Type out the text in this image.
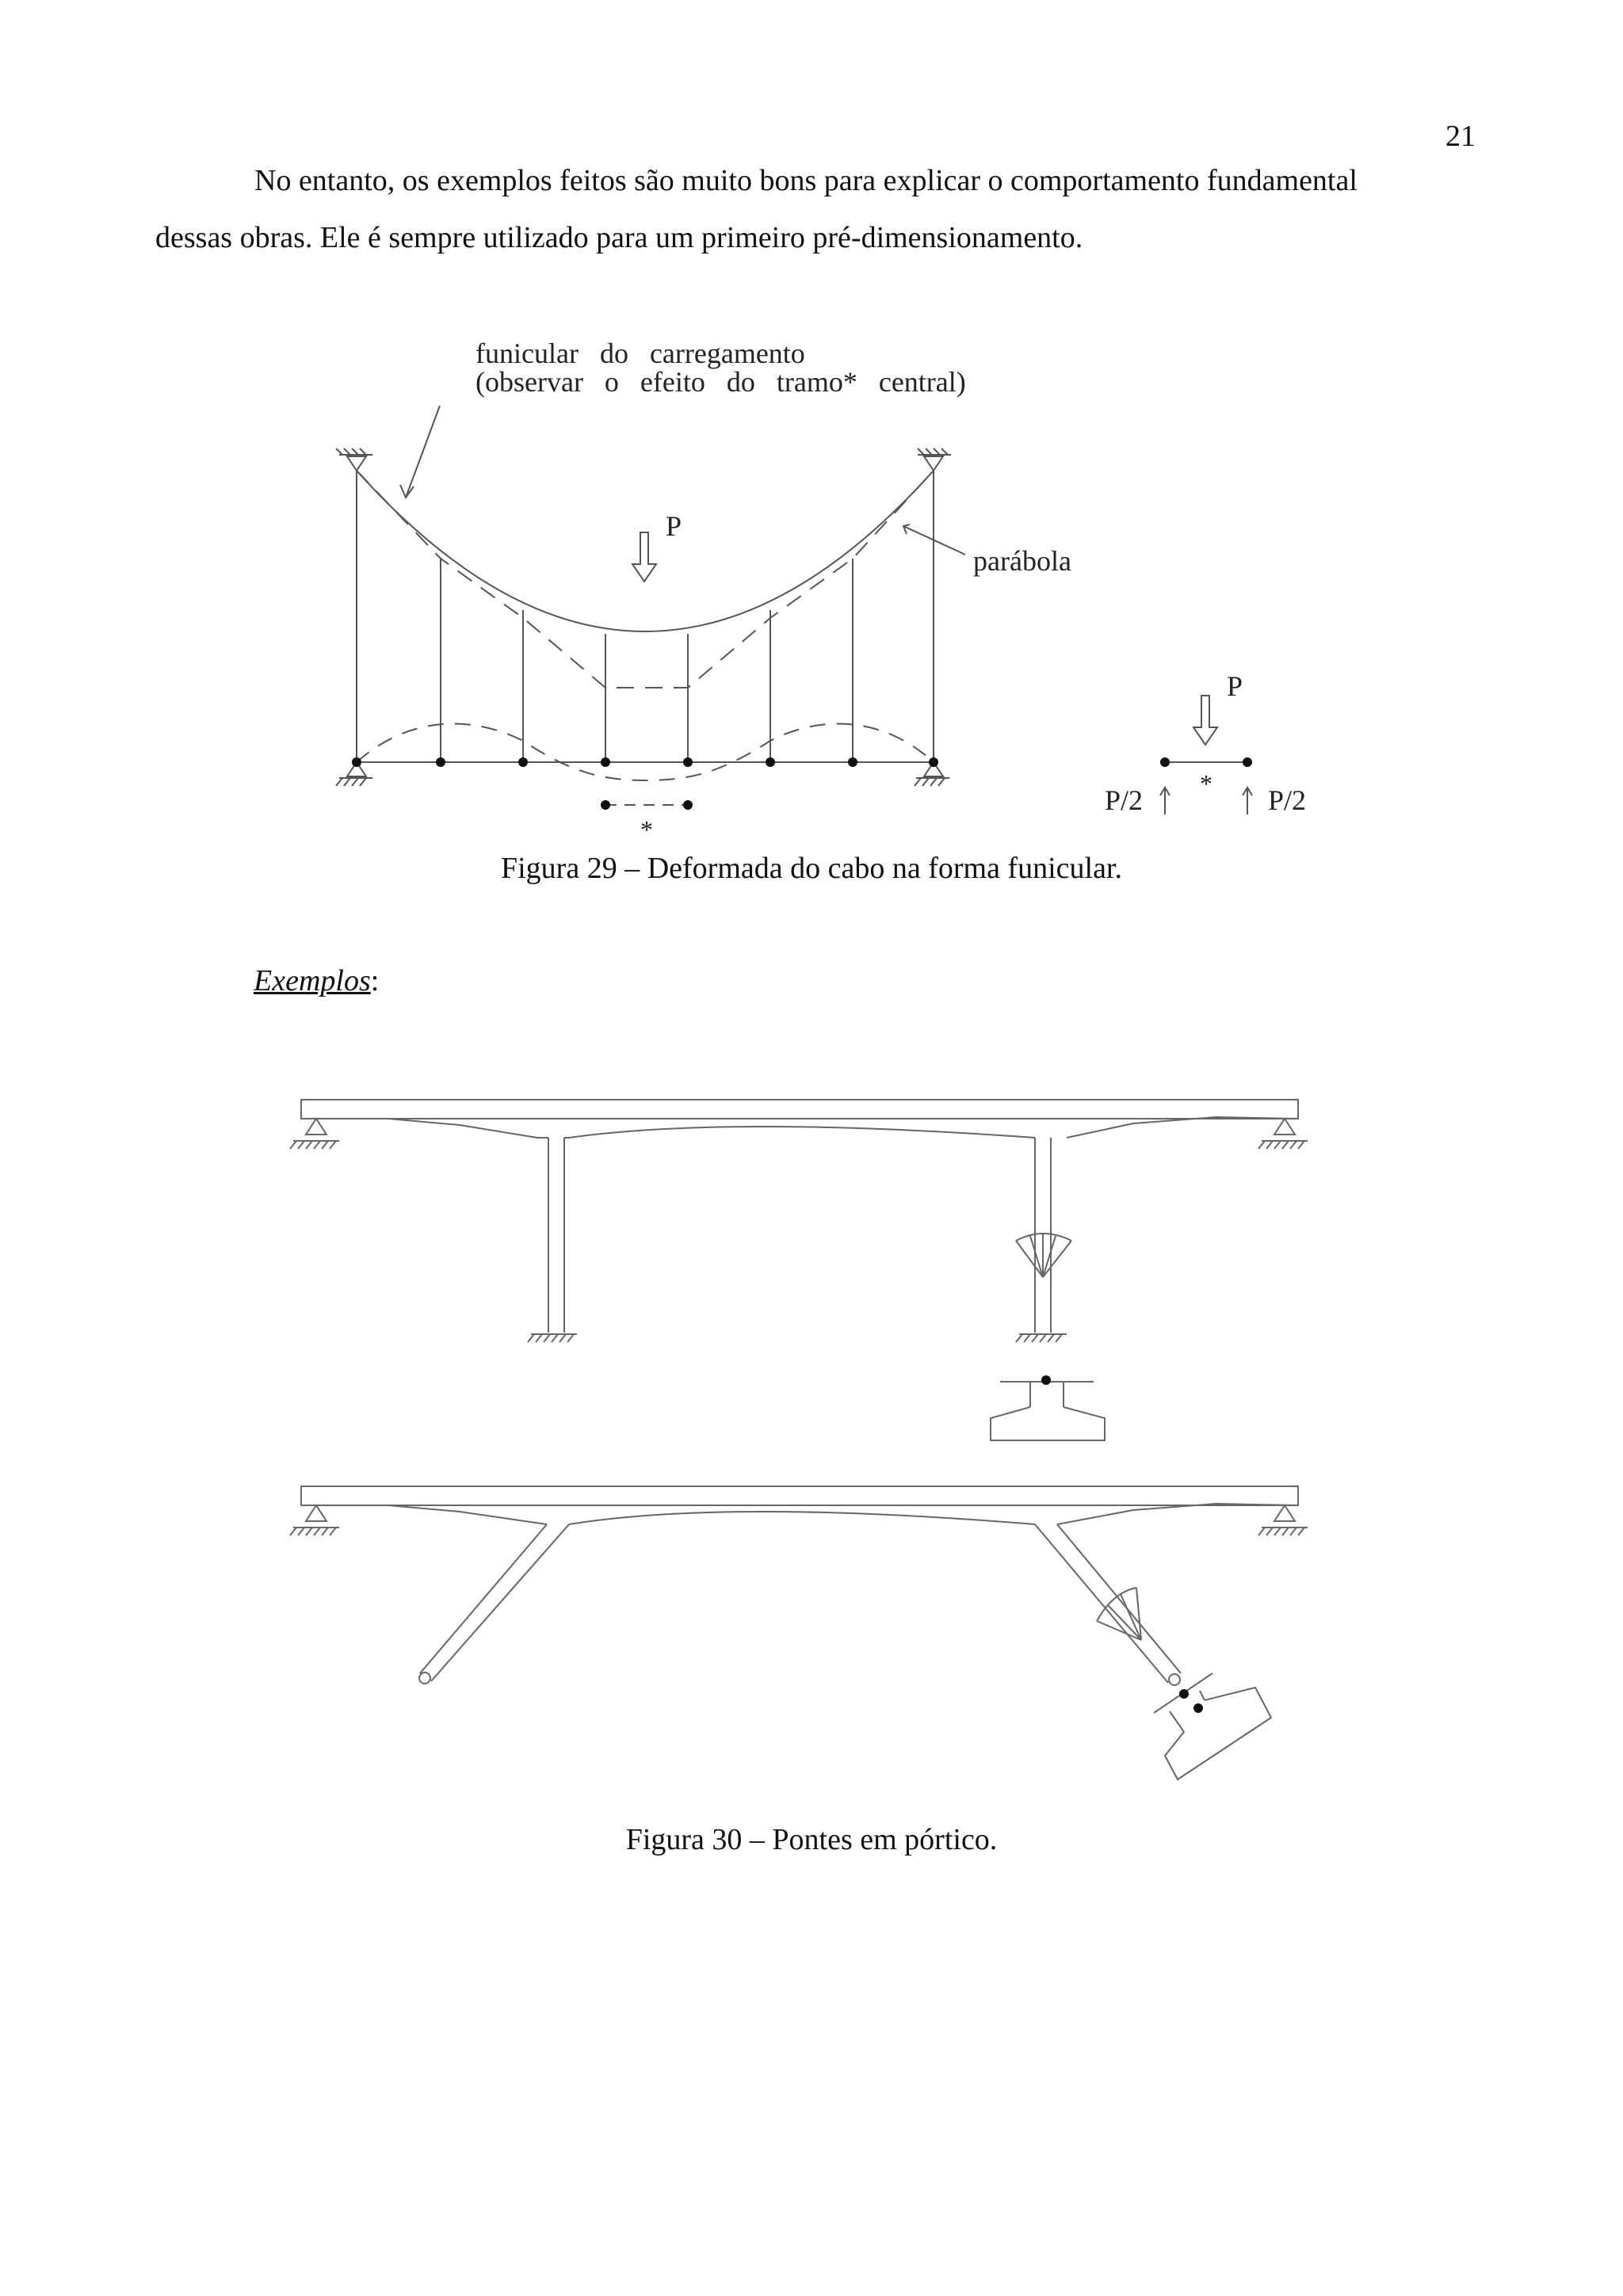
21

No entanto, os exemplos feitos são muito bons para explicar o comportamento fundamental
dessas obras. Ele é sempre utilizado para um primeiro pré-dimensionamento.

funicular   do   carregamento
(observar   o   efeito   do   tramo*   central)
P
parábola
*
P
*
P/2	P/2
Figura 29 – Deformada do cabo na forma funicular.
Exemplos:
Figura 30 – Pontes em pórtico.
